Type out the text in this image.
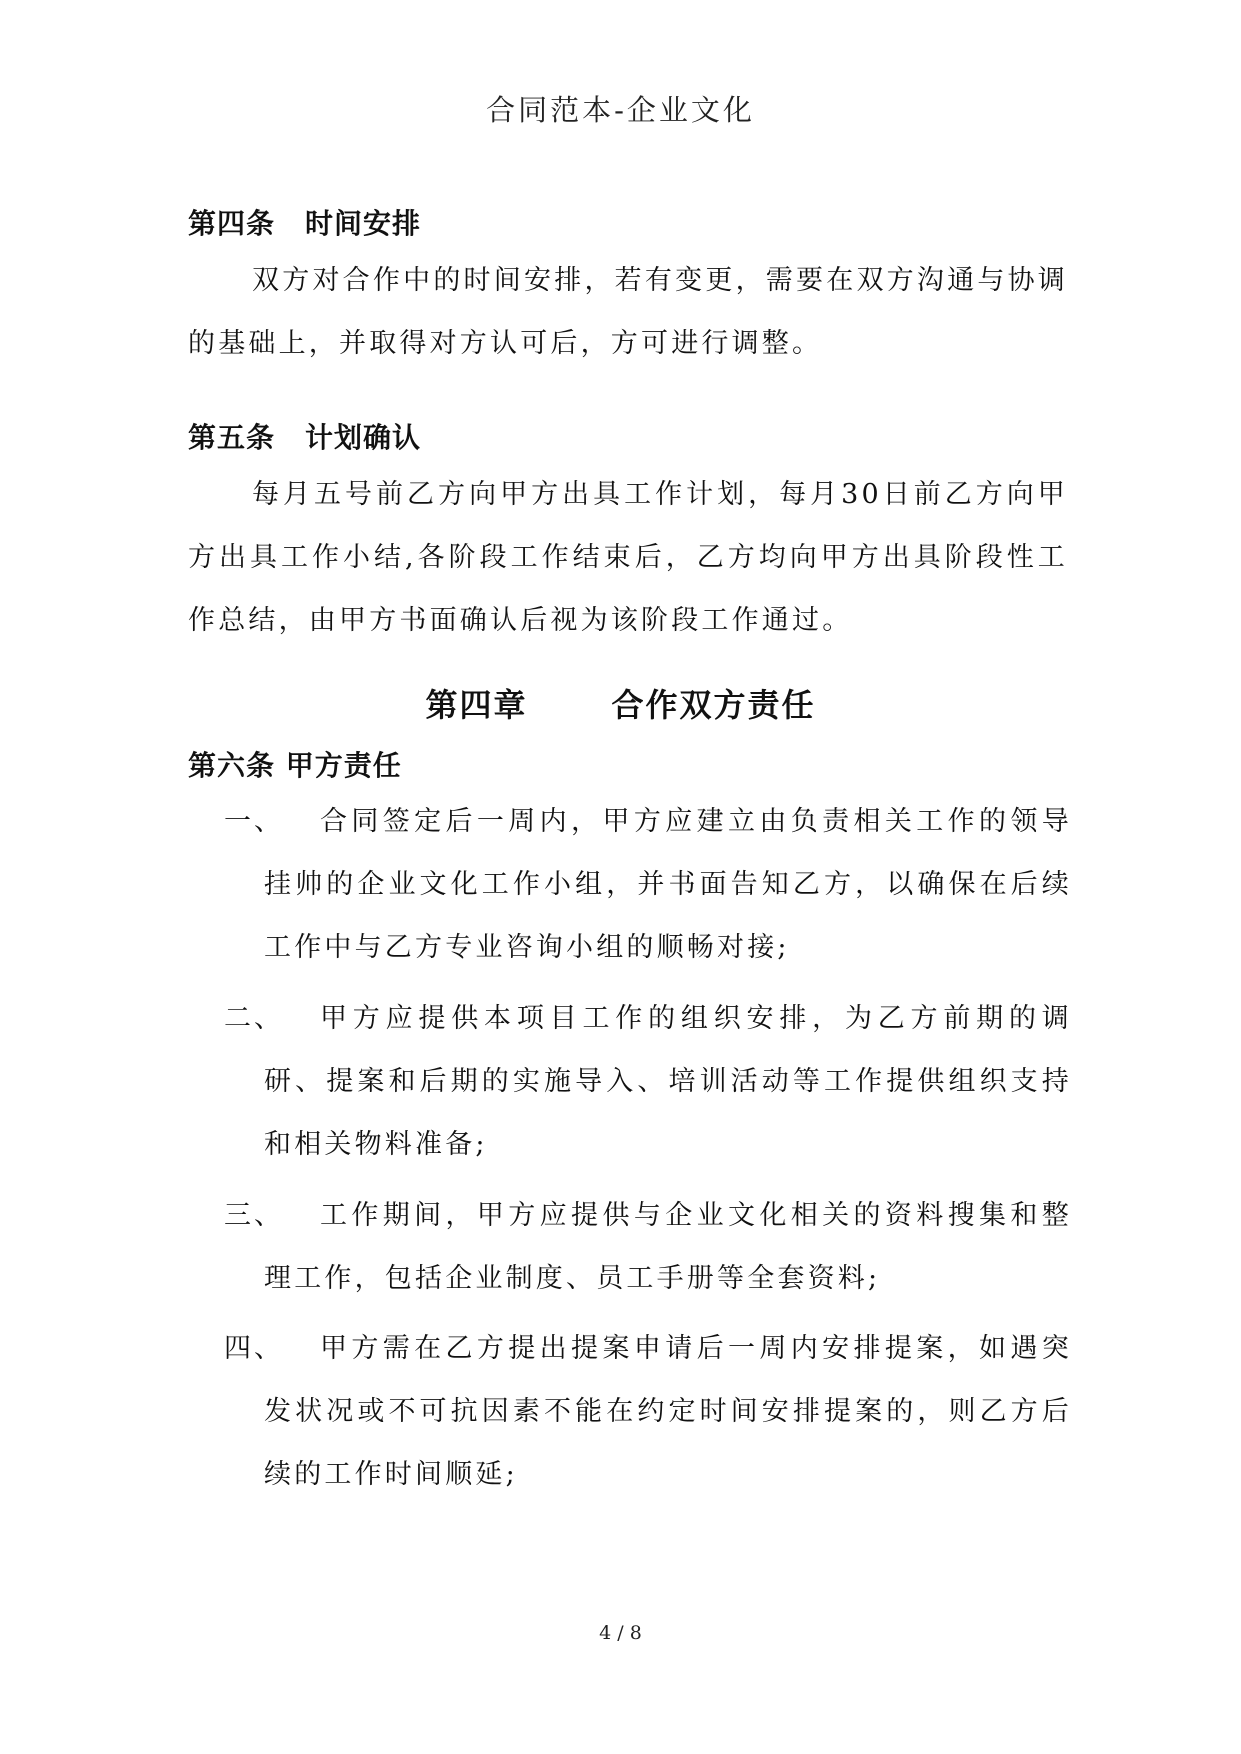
合同范本-企业文化
第四条 时间安排
双方对合作中的时间安排，若有变更，需要在双方沟通与协调的基础上，并取得对方认可后，方可进行调整。
第五条 计划确认
每月五号前乙方向甲方出具工作计划，每月30日前乙方向甲方出具工作小结,各阶段工作结束后，乙方均向甲方出具阶段性工作总结，由甲方书面确认后视为该阶段工作通过。
第四章	合作双方责任
第六条 甲方责任
一、	合同签定后一周内，甲方应建立由负责相关工作的领导挂帅的企业文化工作小组，并书面告知乙方，以确保在后续工作中与乙方专业咨询小组的顺畅对接;
二、	甲方应提供本项目工作的组织安排，为乙方前期的调研、提案和后期的实施导入、培训活动等工作提供组织支持和相关物料准备;
三、	工作期间，甲方应提供与企业文化相关的资料搜集和整理工作，包括企业制度、员工手册等全套资料;
四、	甲方需在乙方提出提案申请后一周内安排提案，如遇突发状况或不可抗因素不能在约定时间安排提案的，则乙方后续的工作时间顺延;
4 / 8
